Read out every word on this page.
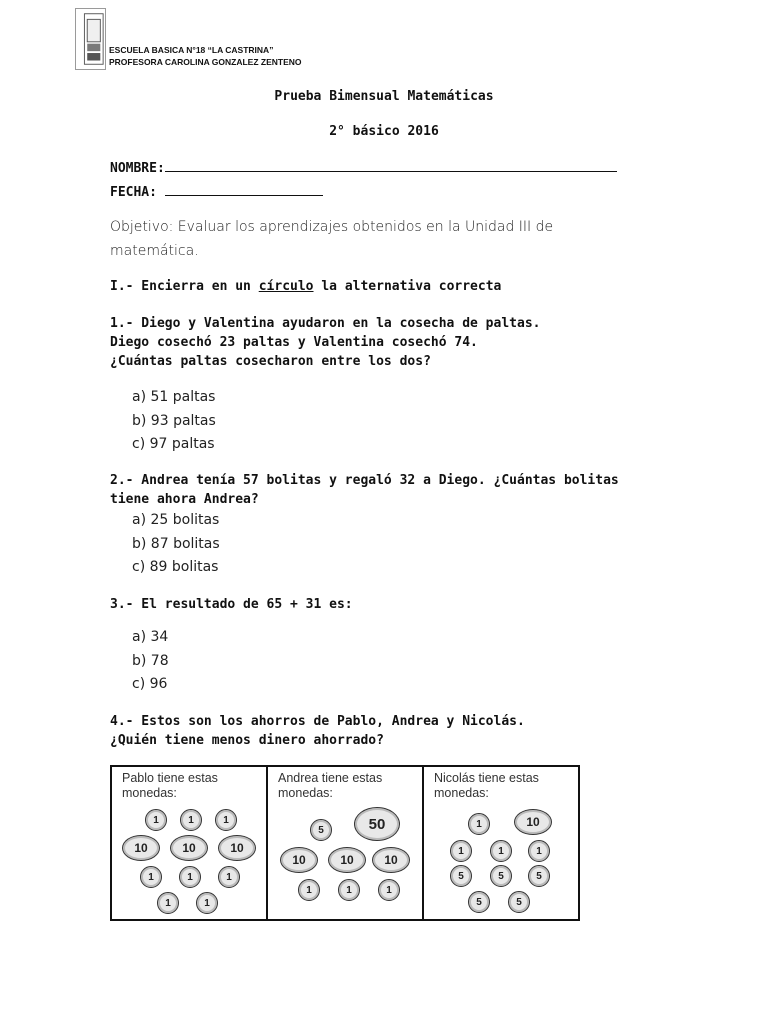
ESCUELA BASICA N°18 “LA CASTRINA”
PROFESORA CAROLINA GONZALEZ ZENTENO
Prueba Bimensual Matemáticas
2° básico 2016
NOMBRE:
FECHA:
Objetivo: Evaluar los aprendizajes obtenidos en la Unidad III de matemática.
I.- Encierra en un círculo la alternativa correcta
1.- Diego y Valentina ayudaron en la cosecha de paltas.
Diego cosechó 23 paltas y Valentina cosechó 74.
¿Cuántas paltas cosecharon entre los dos?
a) 51 paltas
b) 93 paltas
c) 97 paltas
2.- Andrea tenía 57 bolitas y regaló 32 a Diego. ¿Cuántas bolitas
tiene ahora Andrea?
a) 25 bolitas
b) 87 bolitas
c) 89 bolitas
3.- El resultado de 65 + 31 es:
a) 34
b) 78
c) 96
4.- Estos son los ahorros de Pablo, Andrea y Nicolás.
¿Quién tiene menos dinero ahorrado?
Pablo tiene estas monedas:
1	1	1
10	10	10
1	1	1
1	1
Andrea tiene estas monedas:
5	50
10	10	10
1	1	1
Nicolás tiene estas monedas:
1	10
1	1	1
5	5	5
5	5
